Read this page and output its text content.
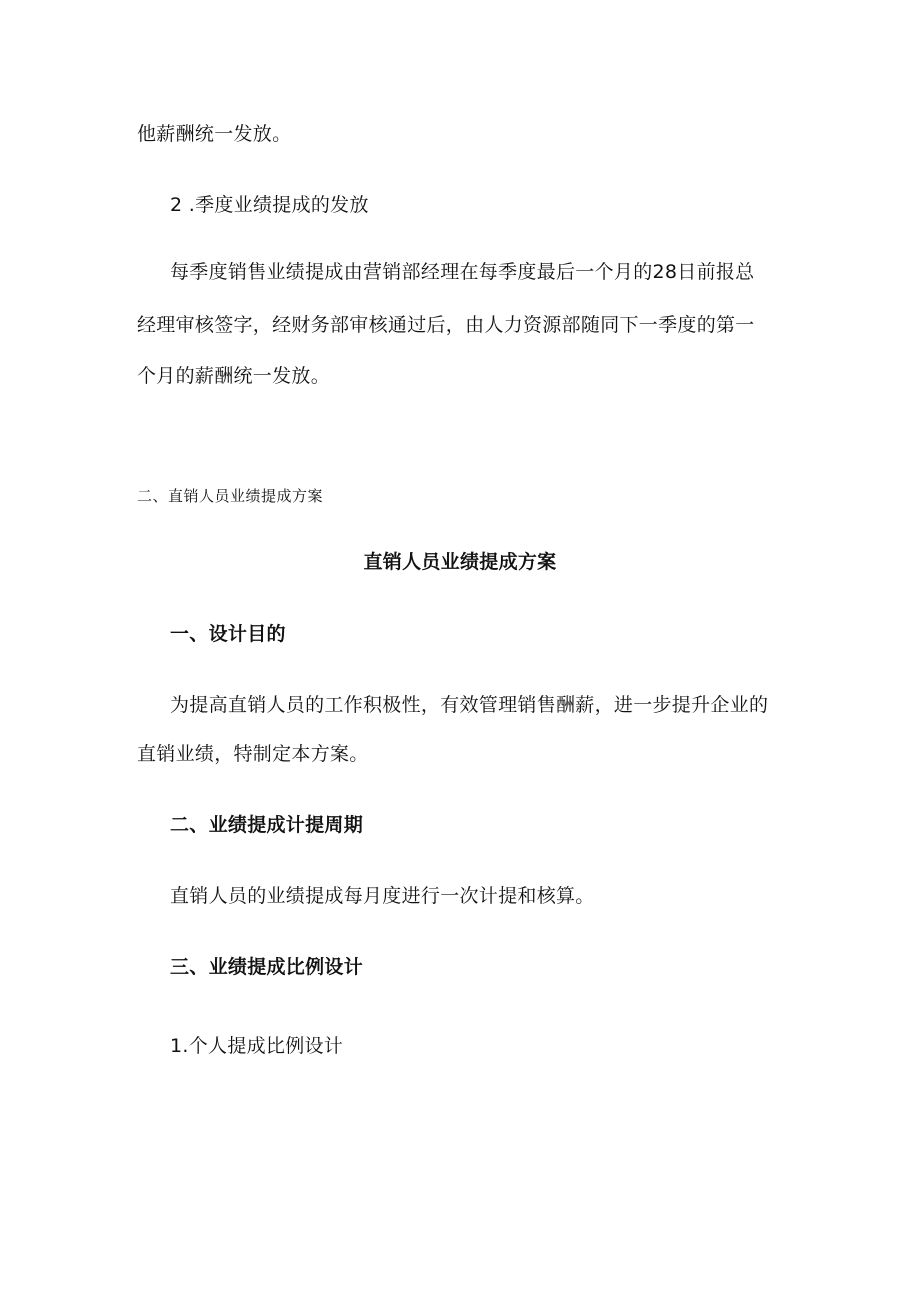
他薪酬统一发放。

2 .季度业绩提成的发放

每季度销售业绩提成由营销部经理在每季度最后一个月的28日前报总

经理审核签字，经财务部审核通过后，由人力资源部随同下一季度的第一

个月的薪酬统一发放。

二、直销人员业绩提成方案

直销人员业绩提成方案

一、设计目的

为提高直销人员的工作积极性，有效管理销售酬薪，进一步提升企业的

直销业绩，特制定本方案。

二、业绩提成计提周期

直销人员的业绩提成每月度进行一次计提和核算。

三、业绩提成比例设计

1.个人提成比例设计
